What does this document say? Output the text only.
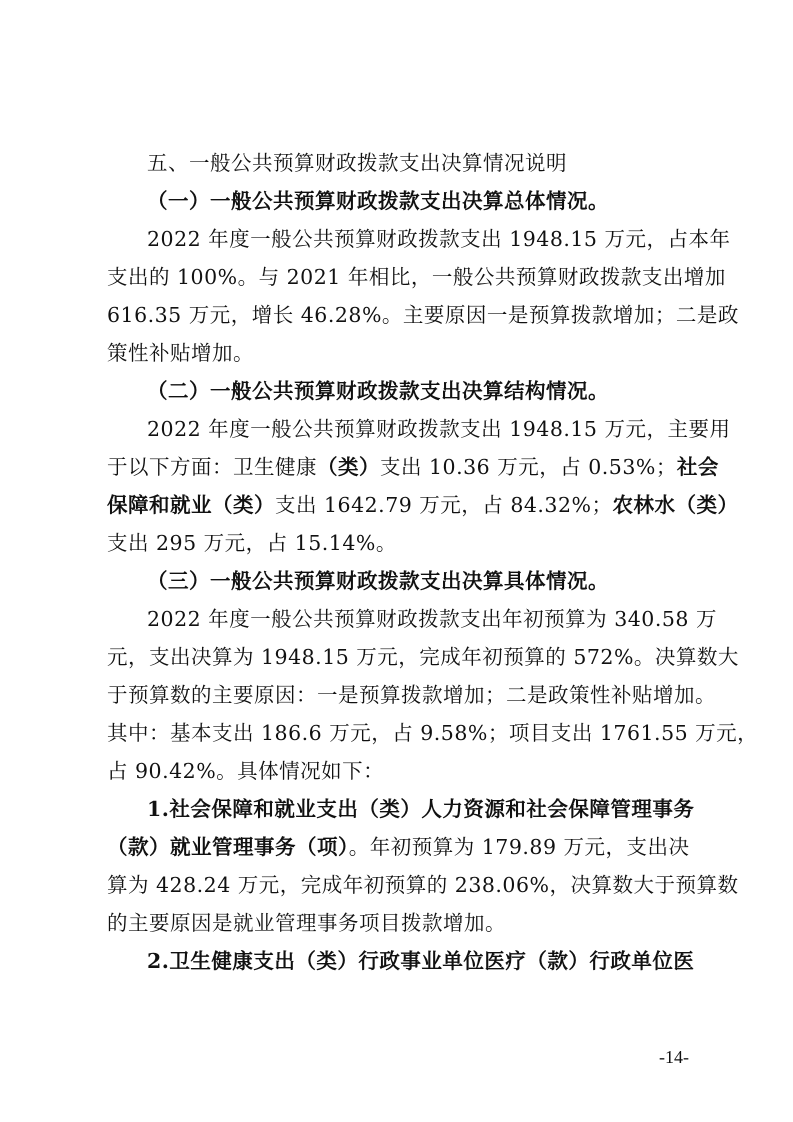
五、一般公共预算财政拨款支出决算情况说明
（一）一般公共预算财政拨款支出决算总体情况。
2022 年度一般公共预算财政拨款支出 1948.15 万元，占本年
支出的 100%。与 2021 年相比，一般公共预算财政拨款支出增加
616.35 万元，增长 46.28%。主要原因一是预算拨款增加；二是政
策性补贴增加。
（二）一般公共预算财政拨款支出决算结构情况。
2022 年度一般公共预算财政拨款支出 1948.15 万元，主要用
于以下方面：卫生健康（类）支出 10.36 万元，占 0.53%；社会
保障和就业（类）支出 1642.79 万元，占 84.32%；农林水（类）
支出 295 万元，占 15.14%。
（三）一般公共预算财政拨款支出决算具体情况。
2022 年度一般公共预算财政拨款支出年初预算为 340.58 万
元，支出决算为 1948.15 万元，完成年初预算的 572%。决算数大
于预算数的主要原因：一是预算拨款增加；二是政策性补贴增加。
其中：基本支出 186.6 万元，占 9.58%；项目支出 1761.55 万元，
占 90.42%。具体情况如下：
1.社会保障和就业支出（类）人力资源和社会保障管理事务
（款）就业管理事务（项）。年初预算为 179.89 万元，支出决
算为 428.24 万元，完成年初预算的 238.06%，决算数大于预算数
的主要原因是就业管理事务项目拨款增加。
2.卫生健康支出（类）行政事业单位医疗（款）行政单位医
-14-
